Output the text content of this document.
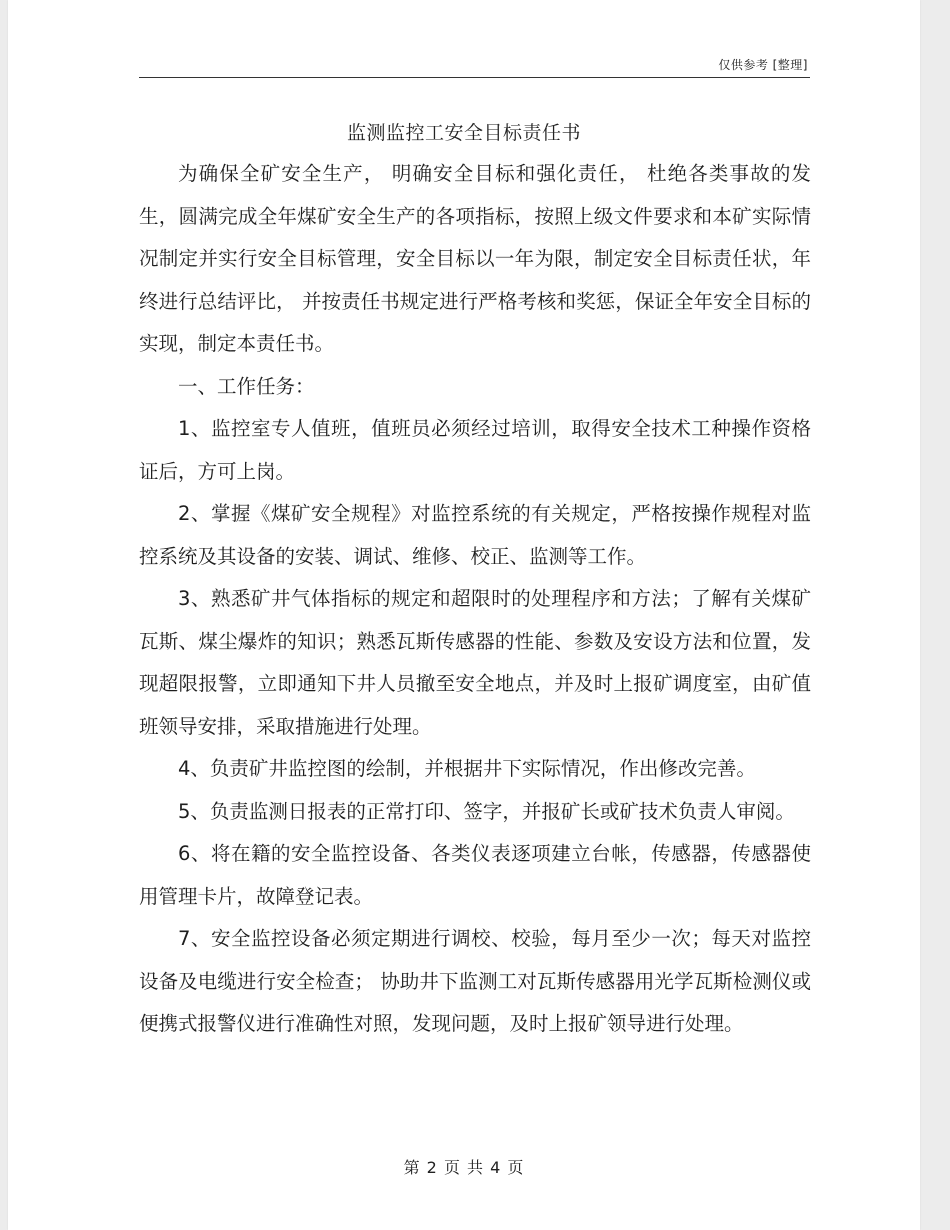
仅供参考 [整理]
监测监控工安全目标责任书

为确保全矿安全生产， 明确安全目标和强化责任， 杜绝各类事故的发生，圆满完成全年煤矿安全生产的各项指标，按照上级文件要求和本矿实际情况制定并实行安全目标管理，安全目标以一年为限，制定安全目标责任状，年终进行总结评比， 并按责任书规定进行严格考核和奖惩，保证全年安全目标的实现，制定本责任书。

一、工作任务：

1、监控室专人值班，值班员必须经过培训，取得安全技术工种操作资格证后，方可上岗。

2、掌握《煤矿安全规程》对监控系统的有关规定，严格按操作规程对监控系统及其设备的安装、调试、维修、校正、监测等工作。

3、熟悉矿井气体指标的规定和超限时的处理程序和方法；了解有关煤矿瓦斯、煤尘爆炸的知识；熟悉瓦斯传感器的性能、参数及安设方法和位置，发现超限报警，立即通知下井人员撤至安全地点，并及时上报矿调度室，由矿值班领导安排，采取措施进行处理。

4、负责矿井监控图的绘制，并根据井下实际情况，作出修改完善。

5、负责监测日报表的正常打印、签字，并报矿长或矿技术负责人审阅。

6、将在籍的安全监控设备、各类仪表逐项建立台帐，传感器，传感器使用管理卡片，故障登记表。

7、安全监控设备必须定期进行调校、校验，每月至少一次；每天对监控设备及电缆进行安全检查； 协助井下监测工对瓦斯传感器用光学瓦斯检测仪或便携式报警仪进行准确性对照，发现问题，及时上报矿领导进行处理。

第 2 页 共 4 页
